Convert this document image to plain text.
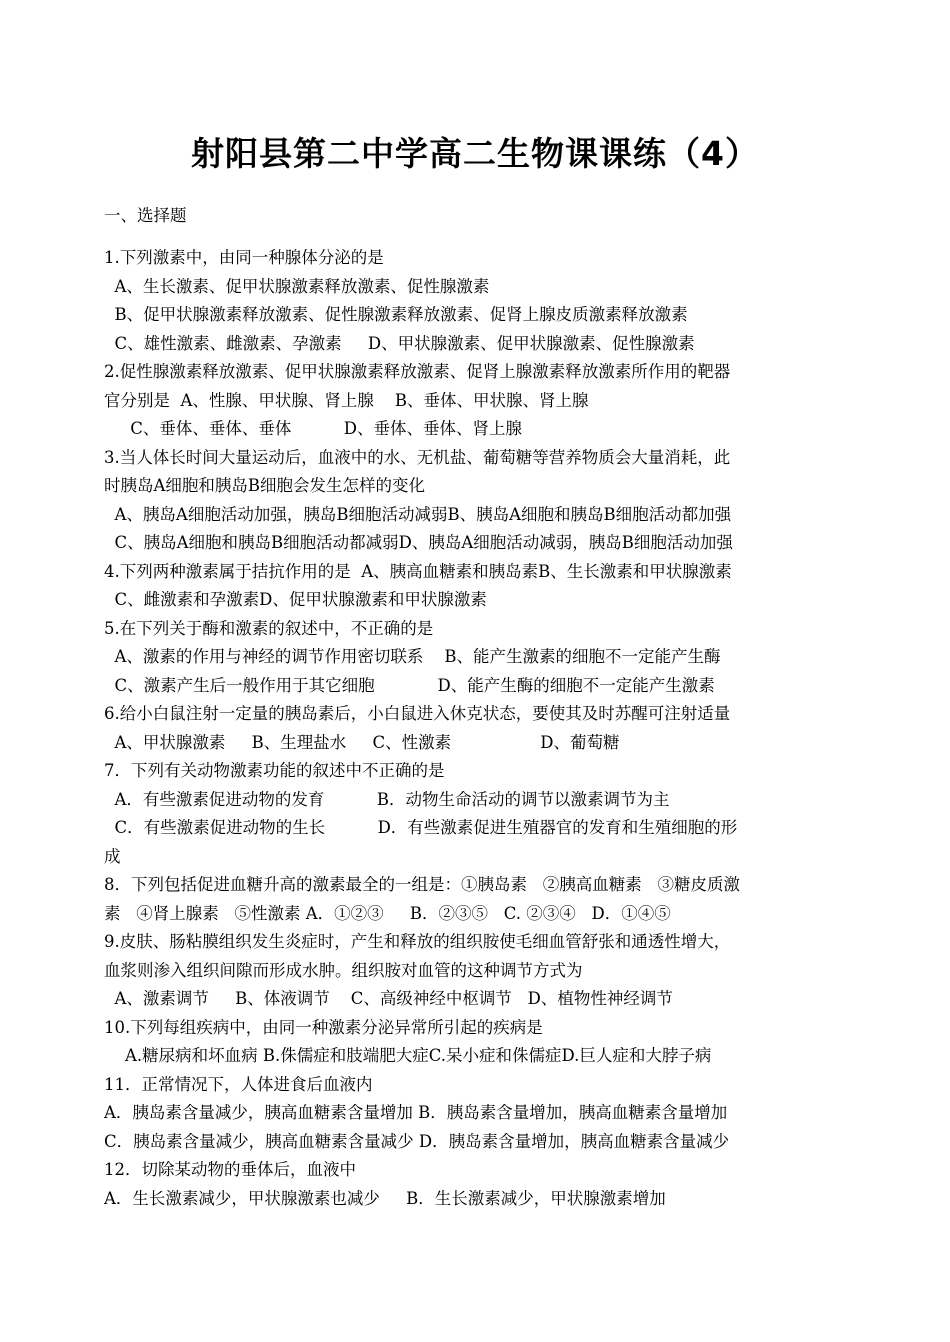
射阳县第二中学高二生物课课练（4）
一、选择题
1.下列激素中，由同一种腺体分泌的是
A、生长激素、促甲状腺激素释放激素、促性腺激素
B、促甲状腺激素释放激素、促性腺激素释放激素、促肾上腺皮质激素释放激素
C、雄性激素、雌激素、孕激素     D、甲状腺激素、促甲状腺激素、促性腺激素
2.促性腺激素释放激素、促甲状腺激素释放激素、促肾上腺激素释放激素所作用的靶器
官分别是  A、性腺、甲状腺、肾上腺    B、垂体、甲状腺、肾上腺
C、垂体、垂体、垂体          D、垂体、垂体、肾上腺
3.当人体长时间大量运动后，血液中的水、无机盐、葡萄糖等营养物质会大量消耗，此
时胰岛A细胞和胰岛B细胞会发生怎样的变化
A、胰岛A细胞活动加强，胰岛B细胞活动减弱B、胰岛A细胞和胰岛B细胞活动都加强
C、胰岛A细胞和胰岛B细胞活动都减弱D、胰岛A细胞活动减弱，胰岛B细胞活动加强
4.下列两种激素属于拮抗作用的是  A、胰高血糖素和胰岛素B、生长激素和甲状腺激素
C、雌激素和孕激素D、促甲状腺激素和甲状腺激素
5.在下列关于酶和激素的叙述中，不正确的是
A、激素的作用与神经的调节作用密切联系    B、能产生激素的细胞不一定能产生酶
C、激素产生后一般作用于其它细胞            D、能产生酶的细胞不一定能产生激素
6.给小白鼠注射一定量的胰岛素后，小白鼠进入休克状态，要使其及时苏醒可注射适量
A、甲状腺激素     B、生理盐水     C、性激素                 D、葡萄糖
7．下列有关动物激素功能的叙述中不正确的是
A．有些激素促进动物的发育          B．动物生命活动的调节以激素调节为主
C．有些激素促进动物的生长          D．有些激素促进生殖器官的发育和生殖细胞的形
成
8．下列包括促进血糖升高的激素最全的一组是：①胰岛素   ②胰高血糖素   ③糖皮质激
素   ④肾上腺素   ⑤性激素 A．①②③     B．②③⑤   C. ②③④   D．①④⑤
9.皮肤、肠粘膜组织发生炎症时，产生和释放的组织胺使毛细血管舒张和通透性增大，
血浆则渗入组织间隙而形成水肿。组织胺对血管的这种调节方式为
A、激素调节     B、体液调节    C、高级神经中枢调节   D、植物性神经调节
10.下列每组疾病中，由同一种激素分泌异常所引起的疾病是
A.糖尿病和坏血病 B.侏儒症和肢端肥大症C.呆小症和侏儒症D.巨人症和大脖子病
11．正常情况下，人体进食后血液内
A．胰岛素含量减少，胰高血糖素含量增加 B．胰岛素含量增加，胰高血糖素含量增加
C．胰岛素含量减少，胰高血糖素含量减少 D．胰岛素含量增加，胰高血糖素含量减少
12．切除某动物的垂体后，血液中
A．生长激素减少，甲状腺激素也减少     B．生长激素减少，甲状腺激素增加
